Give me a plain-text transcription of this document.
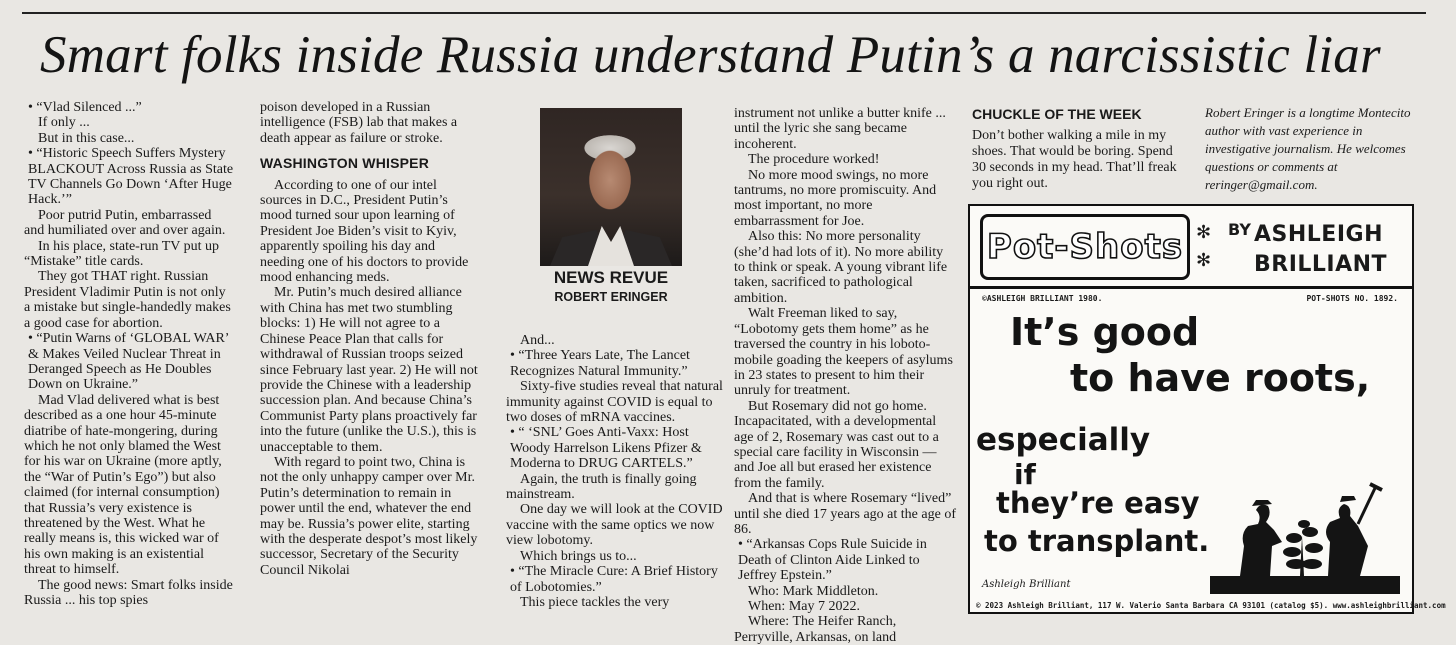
Smart folks inside Russia understand Putin’s a narcissistic liar

• “Vlad Silenced ...”

If only ...

But in this case...

• “Historic Speech Suffers Mystery BLACKOUT Across Russia as State TV Channels Go Down ‘After Huge Hack.’”

Poor putrid Putin, embarrassed and humiliated over and over again.

In his place, state-run TV put up “Mistake” title cards.

They got THAT right. Russian President Vladimir Putin is not only a mistake but single-handedly makes a good case for abortion.

• “Putin Warns of ‘GLOBAL WAR’ & Makes Veiled Nuclear Threat in Deranged Speech as He Doubles Down on Ukraine.”

Mad Vlad delivered what is best described as a one hour 45-minute diatribe of hate-mongering, during which he not only blamed the West for his war on Ukraine (more aptly, the “War of Putin’s Ego”) but also claimed (for internal consumption) that Russia’s very existence is threatened by the West. What he really means is, this wicked war of his own making is an existential threat to himself.

The good news: Smart folks inside Russia ... his top spies

poison developed in a Russian intelligence (FSB) lab that makes a death appear as failure or stroke.

WASHINGTON WHISPER

According to one of our intel sources in D.C., President Putin’s mood turned sour upon learning of President Joe Biden’s visit to Kyiv, apparently spoiling his day and needing one of his doctors to provide mood enhancing meds.

Mr. Putin’s much desired alliance with China has met two stumbling blocks: 1) He will not agree to a Chinese Peace Plan that calls for withdrawal of Russian troops seized since February last year. 2) He will not provide the Chinese with a leadership succession plan. And because China’s Communist Party plans proactively far into the future (unlike the U.S.), this is unacceptable to them.

With regard to point two, China is not the only unhappy camper over Mr. Putin’s determination to remain in power until the end, whatever the end may be. Russia’s power elite, starting with the desperate despot’s most likely successor, Secretary of the Security Council Nikolai

NEWS REVUE
ROBERT ERINGER

And...

• “Three Years Late, The Lancet Recognizes Natural Immunity.”

Sixty-five studies reveal that natural immunity against COVID is equal to two doses of mRNA vaccines.

• “ ‘SNL’ Goes Anti-Vaxx: Host Woody Harrelson Likens Pfizer & Moderna to DRUG CARTELS.”

Again, the truth is finally going mainstream.

One day we will look at the COVID vaccine with the same optics we now view lobotomy.

Which brings us to...

• “The Miracle Cure: A Brief History of Lobotomies.”

This piece tackles the very

instrument not unlike a butter knife ... until the lyric she sang became incoherent.

The procedure worked!

No more mood swings, no more tantrums, no more promiscuity. And most important, no more embarrassment for Joe.

Also this: No more personality (she’d had lots of it). No more ability to think or speak. A young vibrant life taken, sacrificed to pathological ambition.

Walt Freeman liked to say, “Lobotomy gets them home” as he traversed the country in his loboto-mobile goading the keepers of asylums in 23 states to present to him their unruly for treatment.

But Rosemary did not go home. Incapacitated, with a developmental age of 2, Rosemary was cast out to a special care facility in Wisconsin — and Joe all but erased her existence from the family.

And that is where Rosemary “lived” until she died 17 years ago at the age of 86.

• “Arkansas Cops Rule Suicide in Death of Clinton Aide Linked to Jeffrey Epstein.”

Who: Mark Middleton.

When: May 7 2022.

Where: The Heifer Ranch, Perryville, Arkansas, on land

CHUCKLE OF THE WEEK
Don’t bother walking a mile in my shoes. That would be boring. Spend 30 seconds in my head. That’ll freak you right out.
Robert Eringer is a longtime Montecito author with vast experience in investigative journalism. He welcomes questions or comments at reringer@gmail.com.
Pot-Shots ✻
✻
BY ASHLEIGH
BRILLIANT
©ASHLEIGH BRILLIANT 1980.	POT-SHOTS NO. 1892.
It’s good
to have roots,
especially
if
they’re easy
to transplant.
Ashleigh Brilliant
© 2023 Ashleigh Brilliant, 117 W. Valerio Santa Barbara CA 93101 (catalog $5). www.ashleighbrilliant.com
